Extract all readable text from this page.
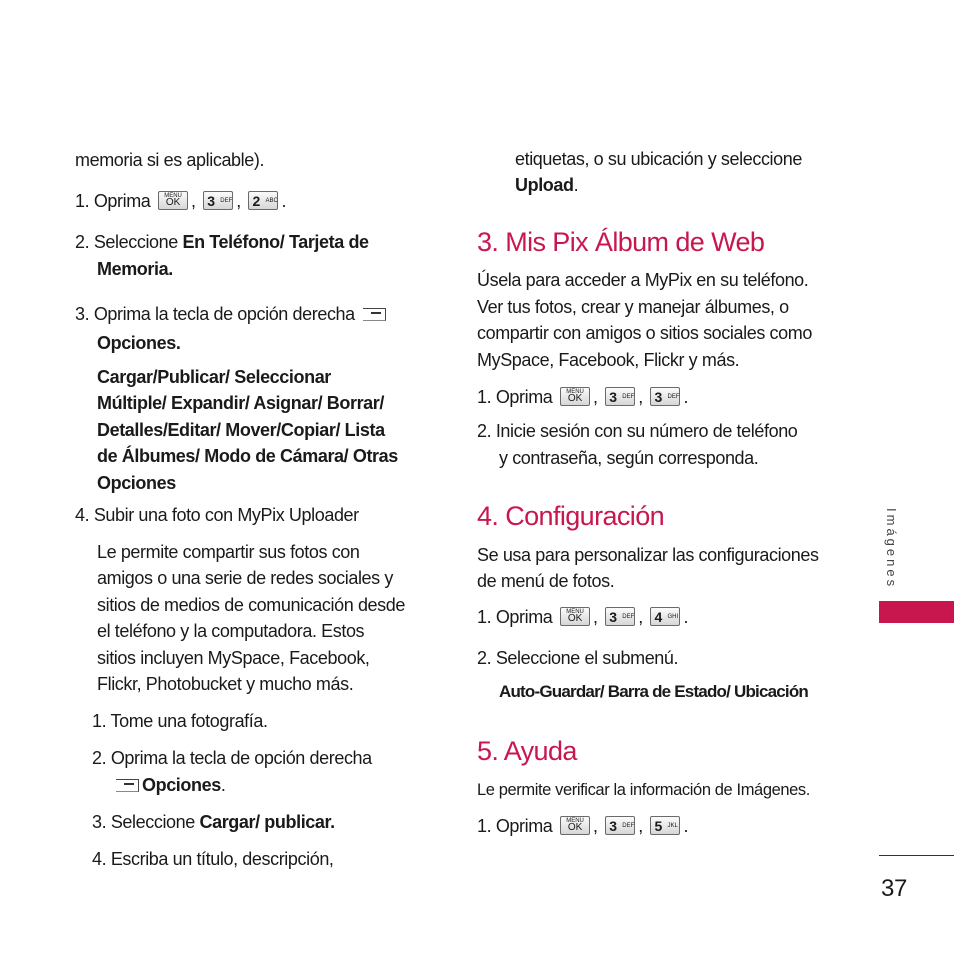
memoria si es aplicable).
1. Oprima	MENU
OK , 3 DEF , 2 ABC .
2. Seleccione En Teléfono/ Tarjeta de
Memoria.
3. Oprima la tecla de opción derecha
Opciones.
Cargar/Publicar/ Seleccionar
Múltiple/ Expandir/ Asignar/ Borrar/
Detalles/Editar/ Mover/Copiar/ Lista
de Álbumes/ Modo de Cámara/ Otras
Opciones
4. Subir una foto con MyPix Uploader
Le permite compartir sus fotos con
amigos o una serie de redes sociales y
sitios de medios de comunicación desde
el teléfono y la computadora. Estos
sitios incluyen MySpace, Facebook,
Flickr, Photobucket y mucho más.
1. Tome una fotografía.
2. Oprima la tecla de opción derecha
Opciones.
3. Seleccione Cargar/ publicar.
4. Escriba un título, descripción,
etiquetas, o su ubicación y seleccione
Upload.
3. Mis Pix Álbum de Web
Úsela para acceder a MyPix en su teléfono.
Ver tus fotos, crear y manejar álbumes, o
compartir con amigos o sitios sociales como
MySpace, Facebook, Flickr y más.
1. Oprima	MENU
OK , 3 DEF , 3 DEF .
2. Inicie sesión con su número de teléfono
y contraseña, según corresponda.
4. Configuración
Se usa para personalizar las configuraciones
de menú de fotos.
1. Oprima	MENU
OK , 3 DEF , 4 GHI .
2. Seleccione el submenú.
Auto-Guardar/ Barra de Estado/ Ubicación
5. Ayuda
Le permite verificar la información de Imágenes.
1. Oprima	MENU
OK , 3 DEF , 5 JKL .
Imágenes
37
